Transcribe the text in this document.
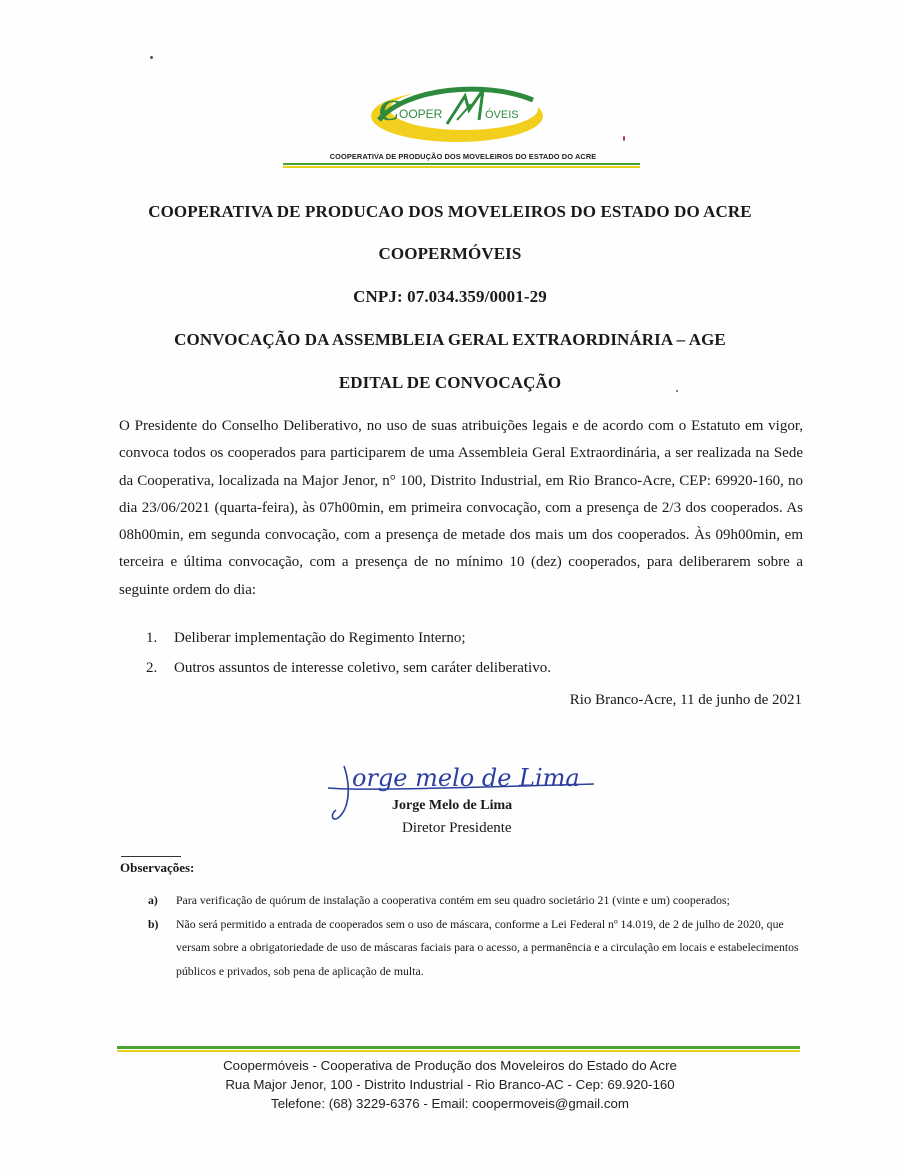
C OOPER	ÓVEIS
COOPERATIVA DE PRODUÇÃO DOS MOVELEIROS DO ESTADO DO ACRE
COOPERATIVA DE PRODUCAO DOS MOVELEIROS DO ESTADO DO ACRE
COOPERMÓVEIS
CNPJ: 07.034.359/0001-29
CONVOCAÇÃO DA ASSEMBLEIA GERAL EXTRAORDINÁRIA – AGE
EDITAL DE CONVOCAÇÃO
O Presidente do Conselho Deliberativo, no uso de suas atribuições legais e de acordo com o Estatuto em vigor, convoca todos os cooperados para participarem de uma Assembleia Geral Extraordinária, a ser realizada na Sede da Cooperativa, localizada na Major Jenor, n° 100, Distrito Industrial, em Rio Branco-Acre, CEP: 69920-160, no dia 23/06/2021 (quarta-feira), às 07h00min, em primeira convocação, com a presença de 2/3 dos cooperados. As 08h00min, em segunda convocação, com a presença de metade dos mais um dos cooperados. Às 09h00min, em terceira e última convocação, com a presença de no mínimo 10 (dez) cooperados, para deliberarem sobre a seguinte ordem do dia:
1.	Deliberar implementação do Regimento Interno;
2.	Outros assuntos de interesse coletivo, sem caráter deliberativo.
Rio Branco-Acre, 11 de junho de 2021
orge melo de Lima
Jorge Melo de Lima
Diretor Presidente
Observações:
a)	Para verificação de quórum de instalação a cooperativa contém em seu quadro societário 21 (vinte e um) cooperados;
b)	Não será permitido a entrada de cooperados sem o uso de máscara, conforme a Lei Federal nº 14.019, de 2 de julho de 2020, que versam sobre a obrigatoriedade de uso de máscaras faciais para o acesso, a permanência e a circulação em locais e estabelecimentos públicos e privados, sob pena de aplicação de multa.
Coopermóveis - Cooperativa de Produção dos Moveleiros do Estado do Acre
Rua Major Jenor, 100 - Distrito Industrial - Rio Branco-AC - Cep: 69.920-160
Telefone: (68) 3229-6376 - Email: coopermoveis@gmail.com
